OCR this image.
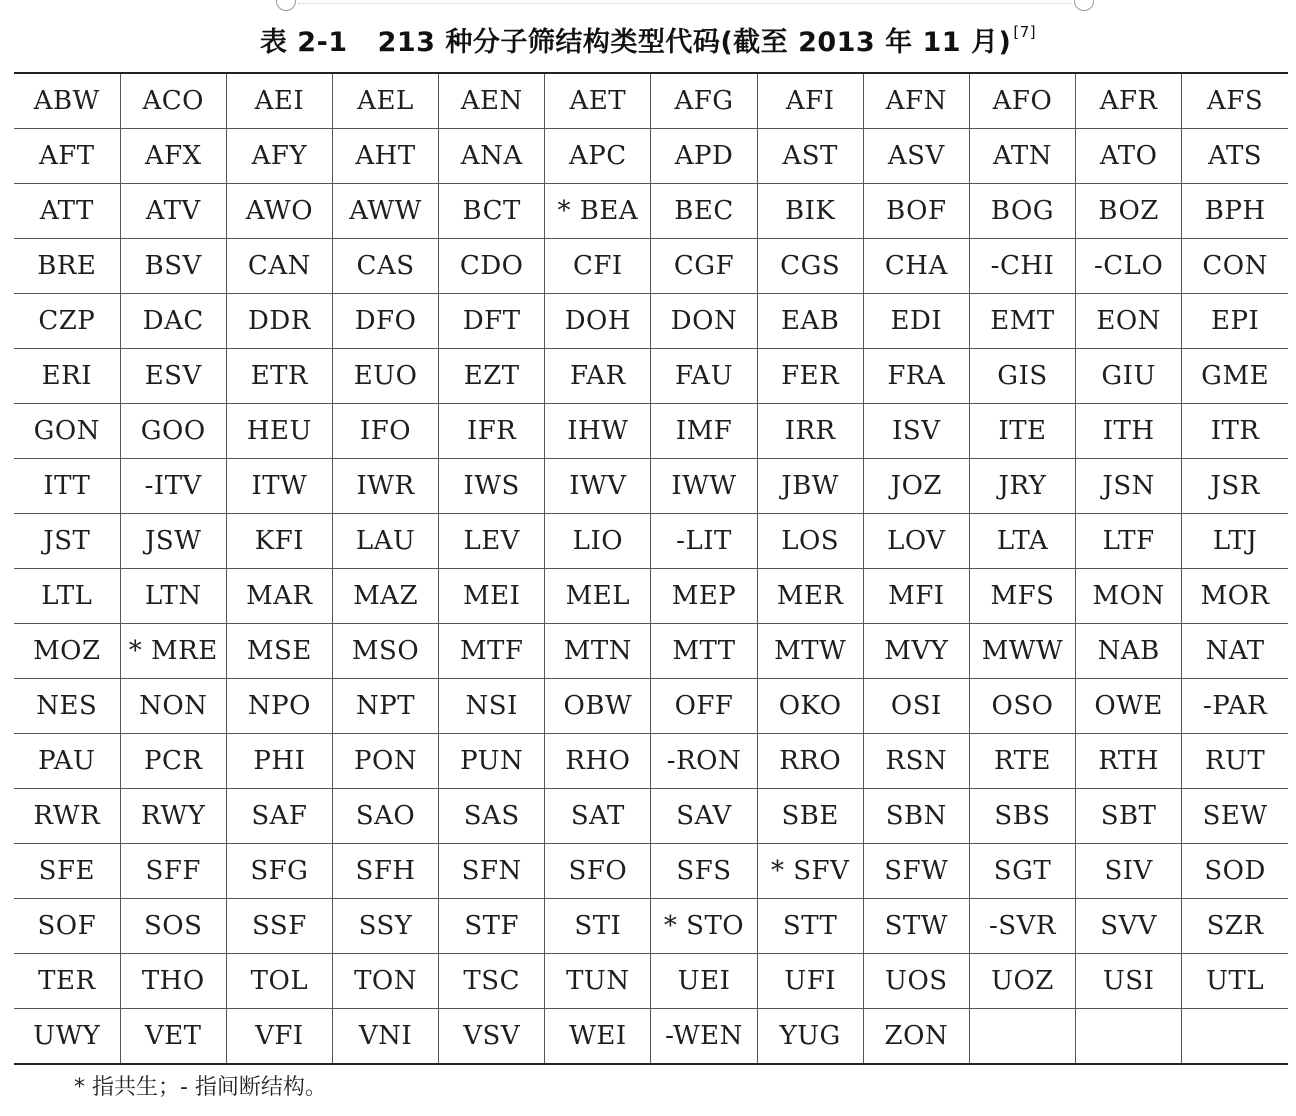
表 2-1 213 种分子筛结构类型代码(截至 2013 年 11 月) [7]
ABW	ACO	AEI	AEL	AEN	AET	AFG	AFI	AFN	AFO	AFR	AFS
AFT	AFX	AFY	AHT	ANA	APC	APD	AST	ASV	ATN	ATO	ATS
ATT	ATV	AWO	AWW	BCT	* BEA	BEC	BIK	BOF	BOG	BOZ	BPH
BRE	BSV	CAN	CAS	CDO	CFI	CGF	CGS	CHA	-CHI	-CLO	CON
CZP	DAC	DDR	DFO	DFT	DOH	DON	EAB	EDI	EMT	EON	EPI
ERI	ESV	ETR	EUO	EZT	FAR	FAU	FER	FRA	GIS	GIU	GME
GON	GOO	HEU	IFO	IFR	IHW	IMF	IRR	ISV	ITE	ITH	ITR
ITT	-ITV	ITW	IWR	IWS	IWV	IWW	JBW	JOZ	JRY	JSN	JSR
JST	JSW	KFI	LAU	LEV	LIO	-LIT	LOS	LOV	LTA	LTF	LTJ
LTL	LTN	MAR	MAZ	MEI	MEL	MEP	MER	MFI	MFS	MON	MOR
MOZ	* MRE	MSE	MSO	MTF	MTN	MTT	MTW	MVY	MWW	NAB	NAT
NES	NON	NPO	NPT	NSI	OBW	OFF	OKO	OSI	OSO	OWE	-PAR
PAU	PCR	PHI	PON	PUN	RHO	-RON	RRO	RSN	RTE	RTH	RUT
RWR	RWY	SAF	SAO	SAS	SAT	SAV	SBE	SBN	SBS	SBT	SEW
SFE	SFF	SFG	SFH	SFN	SFO	SFS	* SFV	SFW	SGT	SIV	SOD
SOF	SOS	SSF	SSY	STF	STI	* STO	STT	STW	-SVR	SVV	SZR
TER	THO	TOL	TON	TSC	TUN	UEI	UFI	UOS	UOZ	USI	UTL
UWY	VET	VFI	VNI	VSV	WEI	-WEN	YUG	ZON			
* 指共生；- 指间断结构。
